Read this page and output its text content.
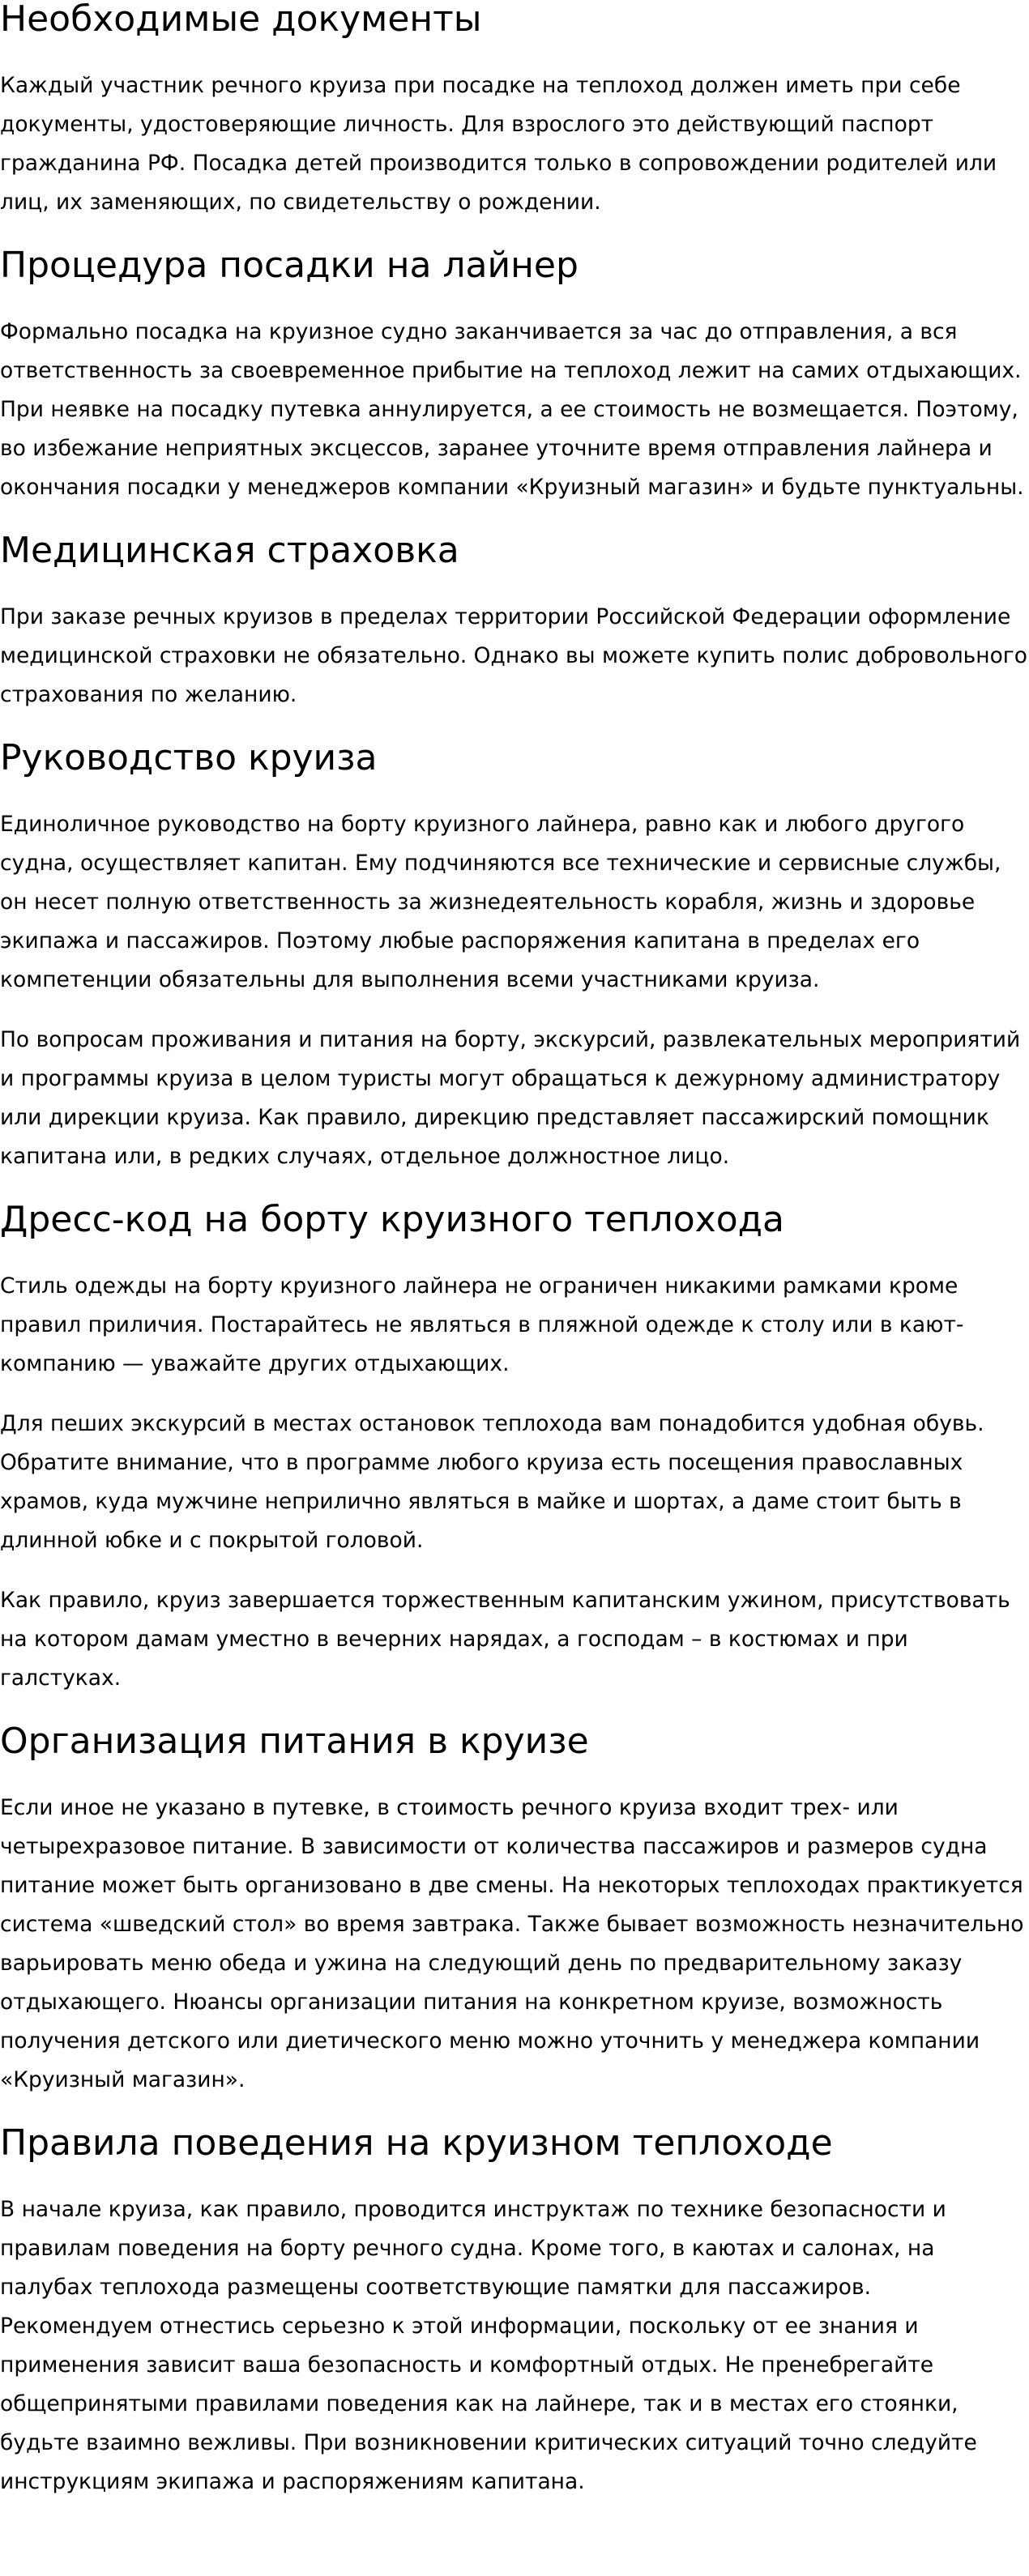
Необходимые документы

Каждый участник речного круиза при посадке на теплоход должен иметь при себе документы, удостоверяющие личность. Для взрослого это действующий паспорт гражданина РФ. Посадка детей производится только в сопровождении родителей или лиц, их заменяющих, по свидетельству о рождении.

Процедура посадки на лайнер

Формально посадка на круизное судно заканчивается за час до отправления, а вся ответственность за своевременное прибытие на теплоход лежит на самих отдыхающих. При неявке на посадку путевка аннулируется, а ее стоимость не возмещается. Поэтому, во избежание неприятных эксцессов, заранее уточните время отправления лайнера и окончания посадки у менеджеров компании «Круизный магазин» и будьте пунктуальны.

Медицинская страховка

При заказе речных круизов в пределах территории Российской Федерации оформление медицинской страховки не обязательно. Однако вы можете купить полис добровольного страхования по желанию.

Руководство круиза

Единоличное руководство на борту круизного лайнера, равно как и любого другого судна, осуществляет капитан. Ему подчиняются все технические и сервисные службы, он несет полную ответственность за жизнедеятельность корабля, жизнь и здоровье экипажа и пассажиров. Поэтому любые распоряжения капитана в пределах его компетенции обязательны для выполнения всеми участниками круиза.

По вопросам проживания и питания на борту, экскурсий, развлекательных мероприятий и программы круиза в целом туристы могут обращаться к дежурному администратору или дирекции круиза. Как правило, дирекцию представляет пассажирский помощник капитана или, в редких случаях, отдельное должностное лицо.

Дресс-код на борту круизного теплохода

Стиль одежды на борту круизного лайнера не ограничен никакими рамками кроме правил приличия. Постарайтесь не являться в пляжной одежде к столу или в кают-компанию — уважайте других отдыхающих.

Для пеших экскурсий в местах остановок теплохода вам понадобится удобная обувь. Обратите внимание, что в программе любого круиза есть посещения православных храмов, куда мужчине неприлично являться в майке и шортах, а даме стоит быть в длинной юбке и с покрытой головой.

Как правило, круиз завершается торжественным капитанским ужином, присутствовать на котором дамам уместно в вечерних нарядах, а господам – в костюмах и при галстуках.

Организация питания в круизе

Если иное не указано в путевке, в стоимость речного круиза входит трех- или четырехразовое питание. В зависимости от количества пассажиров и размеров судна питание может быть организовано в две смены. На некоторых теплоходах практикуется система «шведский стол» во время завтрака. Также бывает возможность незначительно варьировать меню обеда и ужина на следующий день по предварительному заказу отдыхающего. Нюансы организации питания на конкретном круизе, возможность получения детского или диетического меню можно уточнить у менеджера компании «Круизный магазин».

Правила поведения на круизном теплоходе

В начале круиза, как правило, проводится инструктаж по технике безопасности и правилам поведения на борту речного судна. Кроме того, в каютах и салонах, на палубах теплохода размещены соответствующие памятки для пассажиров. Рекомендуем отнестись серьезно к этой информации, поскольку от ее знания и применения зависит ваша безопасность и комфортный отдых. Не пренебрегайте общепринятыми правилами поведения как на лайнере, так и в местах его стоянки, будьте взаимно вежливы. При возникновении критических ситуаций точно следуйте инструкциям экипажа и распоряжениям капитана.
